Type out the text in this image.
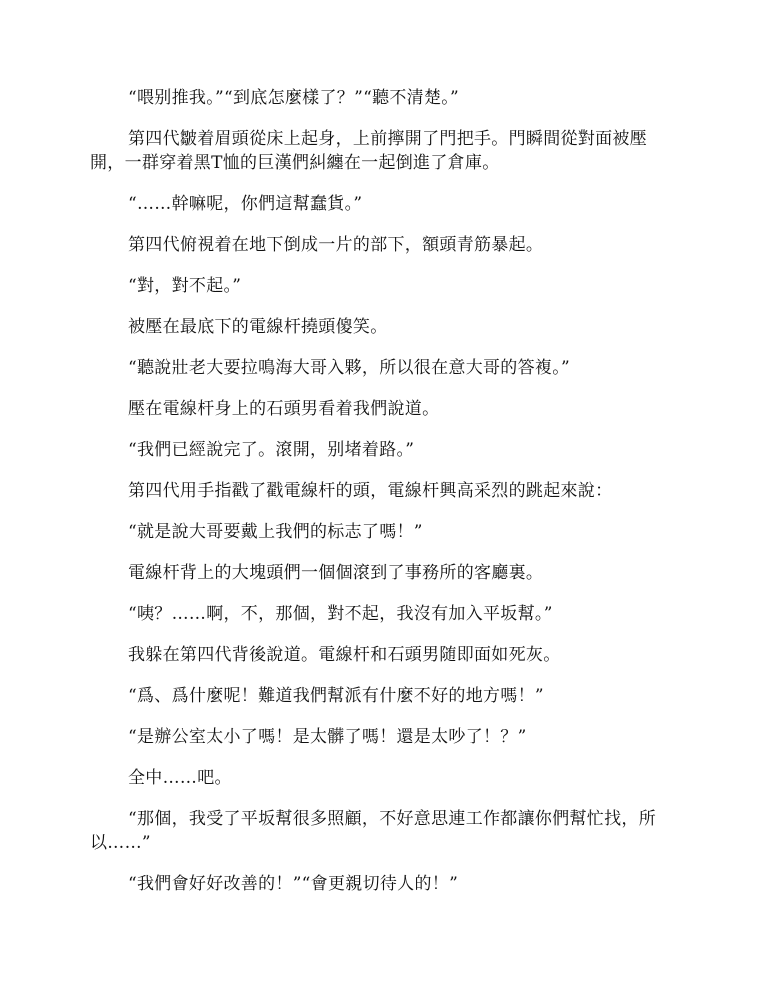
“喂别推我。”“到底怎麼樣了？”“聽不清楚。”

第四代皺着眉頭從床上起身，上前擰開了門把手。門瞬間從對面被壓開，一群穿着黑T恤的巨漢們糾纏在一起倒進了倉庫。

“……幹嘛呢，你們這幫蠢貨。”

第四代俯視着在地下倒成一片的部下，額頭青筋暴起。

“對，對不起。”

被壓在最底下的電線杆撓頭傻笑。

“聽說壯老大要拉鳴海大哥入夥，所以很在意大哥的答複。”

壓在電線杆身上的石頭男看着我們說道。

“我們已經說完了。滾開，别堵着路。”

第四代用手指戳了戳電線杆的頭，電線杆興高采烈的跳起來說：

“就是說大哥要戴上我們的标志了嗎！”

電線杆背上的大塊頭們一個個滾到了事務所的客廳裏。

“咦？……啊，不，那個，對不起，我沒有加入平坂幫。”

我躲在第四代背後說道。電線杆和石頭男随即面如死灰。

“爲、爲什麼呢！難道我們幫派有什麼不好的地方嗎！”

“是辦公室太小了嗎！是太髒了嗎！還是太吵了！？”

全中……吧。

“那個，我受了平坂幫很多照顧，不好意思連工作都讓你們幫忙找，所以……”

“我們會好好改善的！”“會更親切待人的！”
